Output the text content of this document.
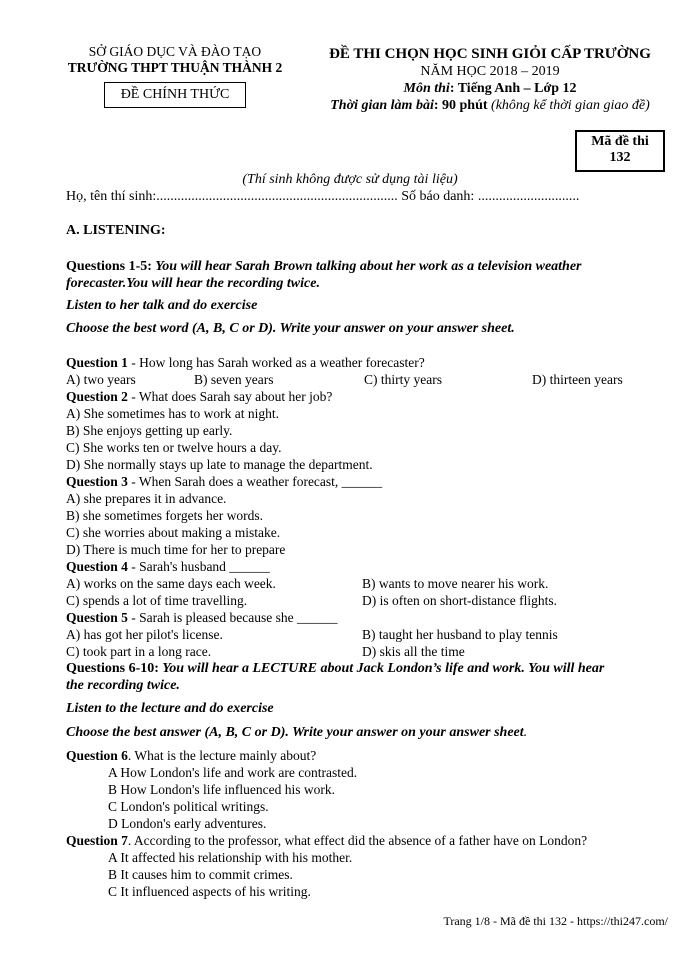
SỞ GIÁO DỤC VÀ ĐÀO TẠO
TRƯỜNG THPT THUẬN THÀNH 2
ĐỀ CHÍNH THỨC
ĐỀ THI CHỌN HỌC SINH GIỎI CẤP TRƯỜNG
NĂM HỌC 2018 – 2019
Môn thi: Tiếng Anh – Lớp 12
Thời gian làm bài: 90 phút (không kể thời gian giao đề)
Mã đề thi
132
(Thí sinh không được sử dụng tài liệu)
Họ, tên thí sinh:..................................................................... Số báo danh: .............................
A. LISTENING:
Questions 1-5: You will hear Sarah Brown talking about her work as a television weather
forecaster.You will hear the recording twice.
Listen to her talk and do exercise
Choose the best word (A, B, C or D). Write your answer on your answer sheet.
Question 1 - How long has Sarah worked as a weather forecaster?
A) two years	B) seven years	C) thirty years	D) thirteen years
Question 2 - What does Sarah say about her job?
A) She sometimes has to work at night.
B) She enjoys getting up early.
C) She works ten or twelve hours a day.
D) She normally stays up late to manage the department.
Question 3 - When Sarah does a weather forecast, ______
A) she prepares it in advance.
B) she sometimes forgets her words.
C) she worries about making a mistake.
D) There is much time for her to prepare
Question 4 - Sarah's husband ______
A) works on the same days each week.	B) wants to move nearer his work.
C) spends a lot of time travelling.	D) is often on short-distance flights.
Question 5 - Sarah is pleased because she ______
A) has got her pilot's license.	B) taught her husband to play tennis
C) took part in a long race.	D) skis all the time
Questions 6-10: You will hear a LECTURE about Jack London’s life and work. You will hear
the recording twice.
Listen to the lecture and do exercise
Choose the best answer (A, B, C or D). Write your answer on your answer sheet.
Question 6. What is the lecture mainly about?
A How London's life and work are contrasted.
B How London's life influenced his work.
C London's political writings.
D London's early adventures.
Question 7. According to the professor, what effect did the absence of a father have on London?
A It affected his relationship with his mother.
B It causes him to commit crimes.
C It influenced aspects of his writing.
Trang 1/8 - Mã đề thi 132 - https://thi247.com/
